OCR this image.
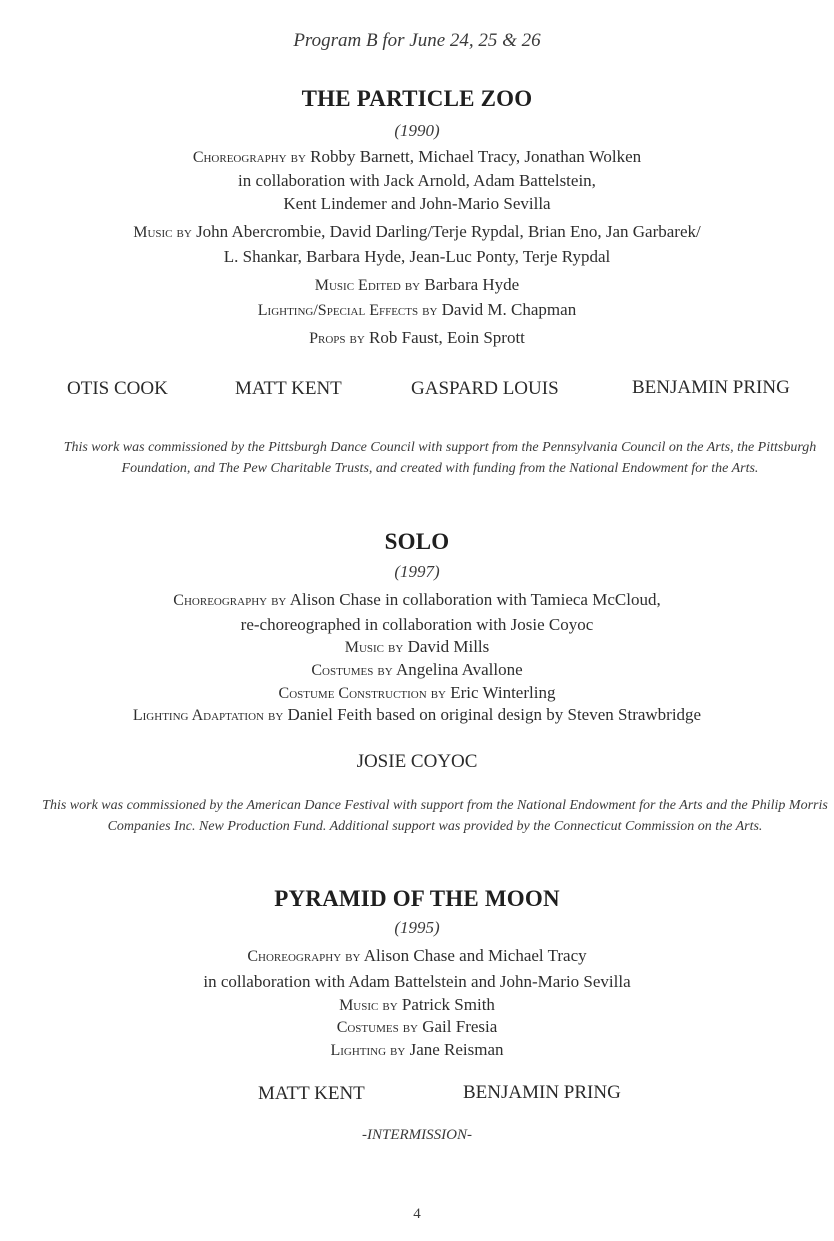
Program B for June 24, 25 & 26
THE PARTICLE ZOO
(1990)
Choreography by Robby Barnett, Michael Tracy, Jonathan Wolken
in collaboration with Jack Arnold, Adam Battelstein,
Kent Lindemer and John-Mario Sevilla
Music by John Abercrombie, David Darling/Terje Rypdal, Brian Eno, Jan Garbarek/
L. Shankar, Barbara Hyde, Jean-Luc Ponty, Terje Rypdal
Music Edited by Barbara Hyde
Lighting/Special Effects by David M. Chapman
Props by Rob Faust, Eoin Sprott
OTIS COOK	MATT KENT	GASPARD LOUIS	BENJAMIN PRING
This work was commissioned by the Pittsburgh Dance Council with support from the Pennsylvania Council on the Arts, the Pittsburgh Foundation, and The Pew Charitable Trusts, and created with funding from the National Endowment for the Arts.
SOLO
(1997)
Choreography by Alison Chase in collaboration with Tamieca McCloud,
re-choreographed in collaboration with Josie Coyoc
Music by David Mills
Costumes by Angelina Avallone
Costume Construction by Eric Winterling
Lighting Adaptation by Daniel Feith based on original design by Steven Strawbridge
JOSIE COYOC
This work was commissioned by the American Dance Festival with support from the National Endowment for the Arts and the Philip Morris Companies Inc. New Production Fund. Additional support was provided by the Connecticut Commission on the Arts.
PYRAMID OF THE MOON
(1995)
Choreography by Alison Chase and Michael Tracy
in collaboration with Adam Battelstein and John-Mario Sevilla
Music by Patrick Smith
Costumes by Gail Fresia
Lighting by Jane Reisman
MATT KENT	BENJAMIN PRING
-INTERMISSION-
4
